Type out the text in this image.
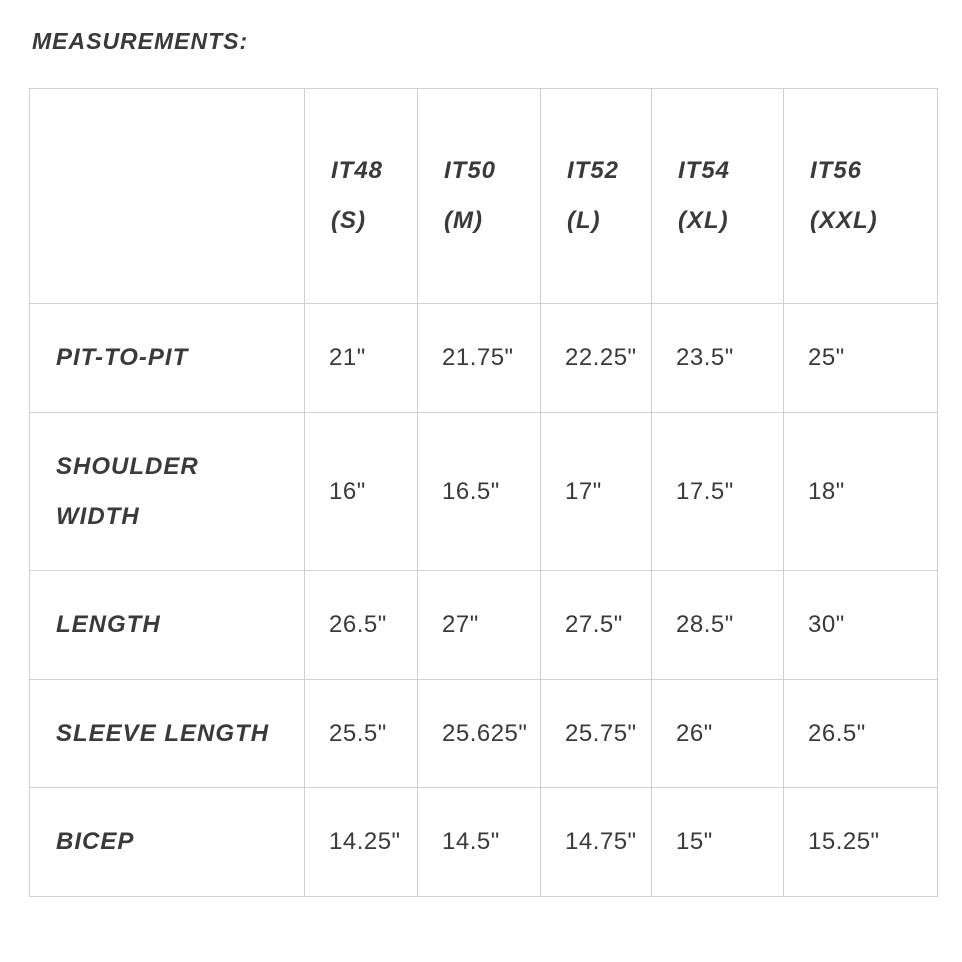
MEASUREMENTS:

	IT48
(S)	IT50
(M)	IT52
(L)	IT54
(XL)	IT56
(XXL)

PIT-TO-PIT	21"	21.75"	22.25"	23.5"	25"

SHOULDER
WIDTH	16"	16.5"	17"	17.5"	18"
LENGTH	26.5"	27"	27.5"	28.5"	30"
SLEEVE LENGTH	25.5"	25.625"	25.75"	26"	26.5"
BICEP	14.25"	14.5"	14.75"	15"	15.25"
